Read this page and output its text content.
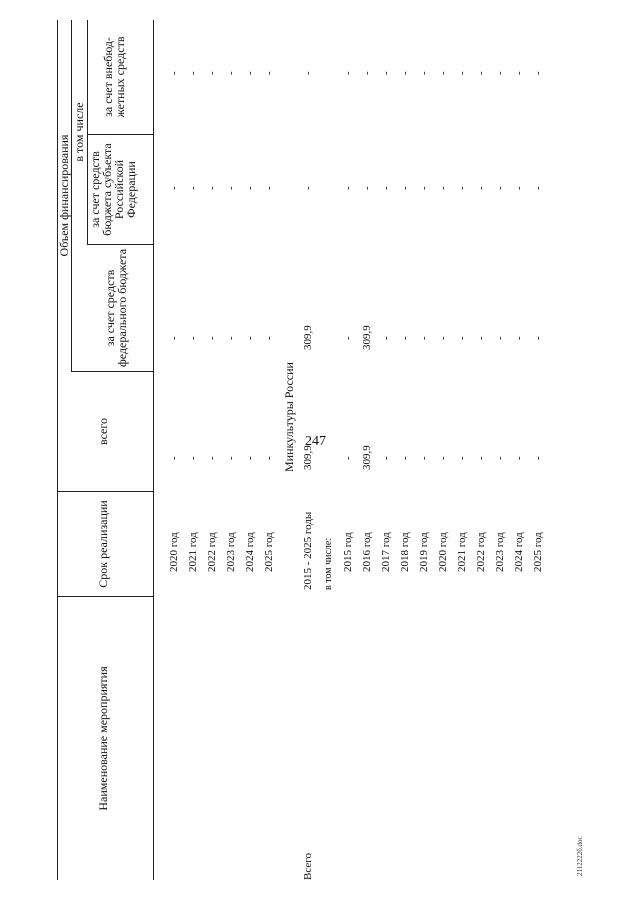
247
2112222б.doc
Наименование мероприятия
Срок реализации
всего
Объем финансирования
в том числе
за счет средств федерального бюджета
за счет средств бюджета субъекта Российской Федерации
за счет внебюд-жетных средств
2020 год
-
-
-
-
2021 год
-
-
-
-
2022 год
-
-
-
-
2023 год
-
-
-
-
2024 год
-
-
-
-
2025 год
-
-
-
-
Минкультуры России
Всего
2015 - 2025 годы
309,9
309,9
-
-
в том числе: 2015 год
-
-
-
-
2016 год
309,9
309,9
-
-
2017 год
-
-
-
-
2018 год
-
-
-
-
2019 год
-
-
-
-
2020 год
-
-
-
-
2021 год
-
-
-
-
2022 год
-
-
-
-
2023 год
-
-
-
-
2024 год
-
-
-
-
2025 год
-
-
-
-
